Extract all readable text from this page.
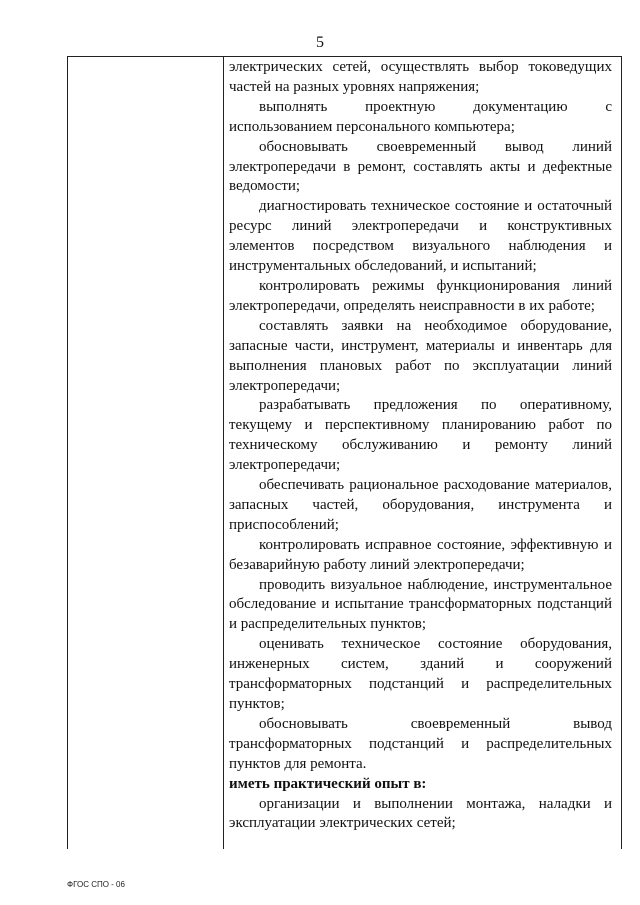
5

электрических сетей, осуществлять выбор токоведущих частей на разных уровнях напряжения;

выполнять проектную документацию с использованием персонального компьютера;

обосновывать своевременный вывод линий электропередачи в ремонт, составлять акты и дефектные ведомости;

диагностировать техническое состояние и остаточный ресурс линий электропередачи и конструктивных элементов посредством визуального наблюдения и инструментальных обследований, и испытаний;

контролировать режимы функционирования линий электропередачи, определять неисправности в их работе;

составлять заявки на необходимое оборудование, запасные части, инструмент, материалы и инвентарь для выполнения плановых работ по эксплуатации линий электропередачи;

разрабатывать предложения по оперативному, текущему и перспективному планированию работ по техническому обслуживанию и ремонту линий электропередачи;

обеспечивать рациональное расходование материалов, запасных частей, оборудования, инструмента и приспособлений;

контролировать исправное состояние, эффективную и безаварийную работу линий электропередачи;

проводить визуальное наблюдение, инструментальное обследование и испытание трансформаторных подстанций и распределительных пунктов;

оценивать техническое состояние оборудования, инженерных систем, зданий и сооружений трансформаторных подстанций и распределительных пунктов;

обосновывать своевременный вывод трансформаторных подстанций и распределительных пунктов для ремонта.

иметь практический опыт в:

организации и выполнении монтажа, наладки и эксплуатации электрических сетей;

ФГОС СПО - 06
